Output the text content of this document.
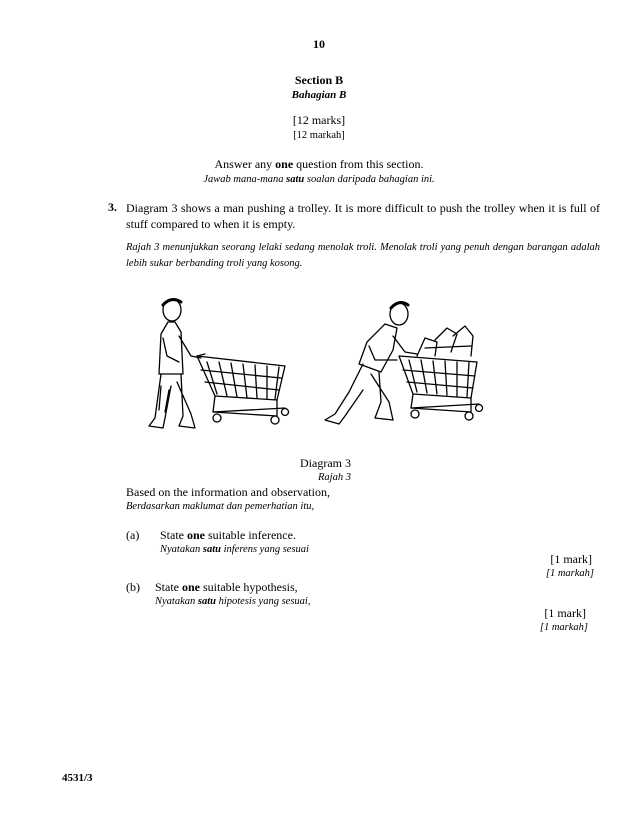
10
Section B
Bahagian B
[12 marks]
[12 markah]
Answer any one question from this section.
Jawab mana-mana satu soalan daripada bahagian ini.
3. Diagram 3 shows a man pushing a trolley. It is more difficult to push the trolley when it is full of stuff compared to when it is empty.
Rajah 3 menunjukkan seorang lelaki sedang menolak troli. Menolak troli yang penuh dengan barangan adalah lebih sukar berbanding troli yang kosong.
Diagram 3
Rajah 3
Based on the information and observation,
Berdasarkan maklumat dan pemerhatian itu,
(a) State one suitable inference.
Nyatakan satu inferens yang sesuai
[1 mark]
[1 markah]
(b) State one suitable hypothesis,
Nyatakan satu hipotesis yang sesuai,
[1 mark]
[1 markah]
4531/3
